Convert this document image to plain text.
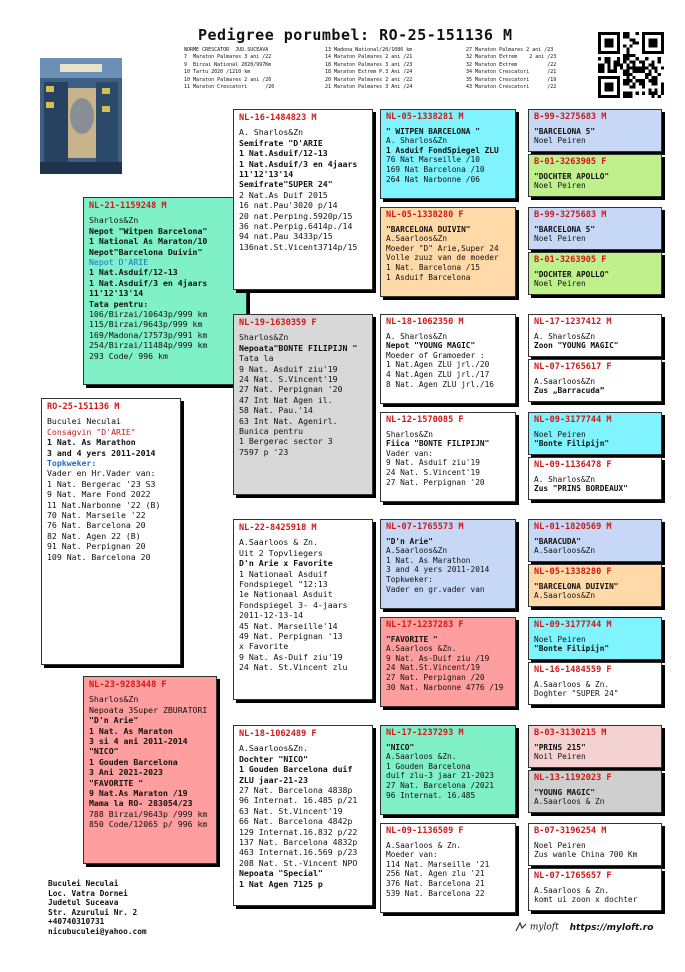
Pedigree porumbel: RO-25-151136 M
NORME CRESCATOR  JUD.SUCEAVA
7  Maraton Palmares 3 ani /22
9  Birzai National 2020/997Km
10 Tartu 2020 /1210 km
10 Maraton Palmares 2 ani /20
11 Maraton Crescatori      /20
13 Madona National/20/1086 km
14 Maraton Palmares 2 ani /21
18 Maraton Palmares 3 ani /23
18 Maraton Extrem P.3 Ani /24
20 Maraton Palmares 2 ani /22
21 Maraton Palmares 3 Ani /24
27 Maraton Palmares 2 ani /23
32 Maraton Extrem    2 ani /23
32 Maraton Extrem          /22
34 Maraton Crescatori      /21
35 Maraton Crescatori      /19
43 Maraton Crescatori      /22
RO-25-151136 M
Buculei Neculai
Consagvin "D'ARIE"
1 Nat. As Marathon
3 and 4 yers 2011-2014
Topkweker:
Vader en Hr.Vader van:
1 Nat. Bergerac '23 S3
9 Nat. Mare Fond 2022
11 Nat.Narbonne '22 (B)
70 Nat. Marseile '22
76 Nat. Barcelona 20
82 Nat. Agen 22 (B)
91 Nat. Perpignan 20
109 Nat. Barcelona 20
NL-21-1159248 M
Sharlos&Zn
Nepot "Witpen Barcelona"
1 National As Maraton/10
Nepot"Barcelona Duivin"
Nepot D'ARIE
1 Nat.Asduif/12-13
1 Nat.Asduif/3 en 4jaars
11'12'13'14
Tata pentru:
106/Birzai/10643p/999 km
115/Birzai/9643p/999 km
169/Madona/17573p/991 km
254/Birzai/11484p/999 km
293 Code/ 996 km
NL-23-9283448 F
Sharlos&Zn
Nepoata 3Super ZBURATORI
"D'n Arie"
1 Nat. As Maraton
3 si 4 ani 2011-2014
"NICO"
1 Gouden Barcelona
3 Ani 2021-2023
"FAVORITE "
9 Nat.As Maraton /19
Mama la RO- 283054/23
788 Birzai/9643p /999 km
850 Code/12065 p/ 996 km
NL-16-1484823 M
A. Sharlos&Zn
Semifrate "D'ARIE
1 Nat.Asduif/12-13
1 Nat.Asduif/3 en 4jaars
11'12'13'14
Semifrate"SUPER 24"
2 Nat.As Duif 2015
16 nat.Pau'3020 p/14
20 nat.Perping.5920p/15
36 nat.Perpig.6414p./14
94 nat.Pau 3433p/15
136nat.St.Vicent3714p/15
NL-19-1630359 F
Sharlos&Zn
Nepoata"BONTE FILIPIJN "
Tata la
9 Nat. Asduif ziu'19
24 Nat. S.Vincent'19
27 Nat. Perpignan '20
47 Int Nat Agen il.
58 Nat. Pau.'14
63 Int Nat. Agenirl.
Bunica pentru
1 Bergerac sector 3
7597 p '23
NL-22-8425918 M
A.Saarloos & Zn.
Uit 2 Topvliegers
D'n Arie x Favorite
1 Nationaal Asduif
Fondspiegel "12:13
1e Nationaal Asduit
Fondspiegel 3- 4-jaars
2011-12-13-14
45 Nat. Marseille'14
49 Nat. Perpignan '13
x Favorite
9 Nat. As-Duif ziu'19
24 Nat. St.Vincent zlu
NL-18-1062489 F
A.Saarloos&Zn.
Dochter "NICO"
1 Gouden Barcelona duif
ZLU jaar-21-23
27 Nat. Barcelona 4838p
96 Internat. 16.485 p/21
63 Nat. St.Vincent'19
66 Nat. Barcelona 4842p
129 Internat.16.832 p/22
137 Nat. Barcelona 4832p
463 Internat.16.569 p/23
208 Nat. St.-Vincent NPO
Nepoata "Special"
1 Nat Agen 7125 p
NL-05-1338281 M
" WITPEN BARCELONA "
A. Sharlos&Zn
1 Asduif FondSpiegel ZLU
76 Nat Marseille /10
169 Nat Barcelona /10
264 Nat Narbonne /06
NL-05-1338280 F
"BARCELONA DUIVIN"
A.Saarloos&Zn
Moeder "D" Arie,Super 24
Volle zuuz van de moeder
1 Nat. Barcelona /15
1 Asduif Barcelona
NL-18-1062350 M
A. Sharlos&Zn
Nepot "YOUNG MAGIC"
Moeder of Gramoeder :
1 Nat.Agen ZLU jrl./20
4 Nat.Agen ZLU jrl./17
8 Nat. Agen ZLU jrl./16
NL-12-1570085 F
Sharlos&Zn
Fiica "BONTE FILIPIJN"
Vader van:
9 Nat. Asduif ziu'19
24 Nat. S.Vincent'19
27 Nat. Perpignan '20
NL-07-1765573 M
"D'n Arie"
A.Saarloos&Zn
1 Nat. As Marathon
3 and 4 yers 2011-2014
Topkweker:
Vader en gr.vader van
NL-17-1237283 F
"FAVORITE "
A.Saarloos &Zn.
9 Nat. As-Duif ziu /19
24 Nat.St.Vincent/19
27 Nat. Perpignan /20
30 Nat. Narbonne 4776 /19
NL-17-1237293 M
"NICO"
A.Saarloos &Zn.
1 Gouden Barcelona
duif zlu-3 jaar 21-2023
27 Nat. Barcelona /2021
96 Internat. 16.485
NL-09-1136509 F
A.Saarloos & Zn.
Moeder van:
114 Nat. Marseille '21
256 Nat. Agen zlu '21
376 Nat. Barcelona 21
539 Nat. Barcelona 22
B-99-3275683 M
"BARCELONA 5"
Noel Peiren
B-01-3263905 F
"DOCHTER APOLLO"
Noel Peiren
B-99-3275683 M
"BARCELONA 5"
Noel Peiren
B-01-3263905 F
"DOCHTER APOLLO"
Noel Peiren
NL-17-1237412 M
A. Sharlos&Zn
Zoon "YOUNG MAGIC"
NL-07-1765617 F
A.Saarloos&Zn
Zus „Barracuda”
NL-09-3177744 M
Noel Peiren
"Bonte Filipijn"
NL-09-1136478 F
A. Sharlos&Zn
Zus "PRINS BORDEAUX"
NL-01-1820569 M
"BARACUDA"
A.Saarloos&Zn
NL-05-1338280 F
"BARCELONA DUIVIN"
A.Saarloos&Zn
NL-09-3177744 M
Noel Peiren
"Bonte Filipijn"
NL-16-1484559 F
A.Saarloos & Zn.
Doghter "SUPER 24"
B-03-3130215 M
"PRINS 215"
Noil Peiren
NL-13-1192023 F
"YOUNG MAGIC"
A.Saarloos & Zn
B-07-3196254 M
Noel Peiren
Zus wanle China 700 Km
NL-07-1765657 F
A.Saarloos & Zn.
komt ui zoon x dochter
Buculei Neculai
Loc. Vatra Dornei
Judetul Suceava
Str. Azurului Nr. 2
+40740310731
nicubuculei@yahoo.com	myloft https://myloft.ro
